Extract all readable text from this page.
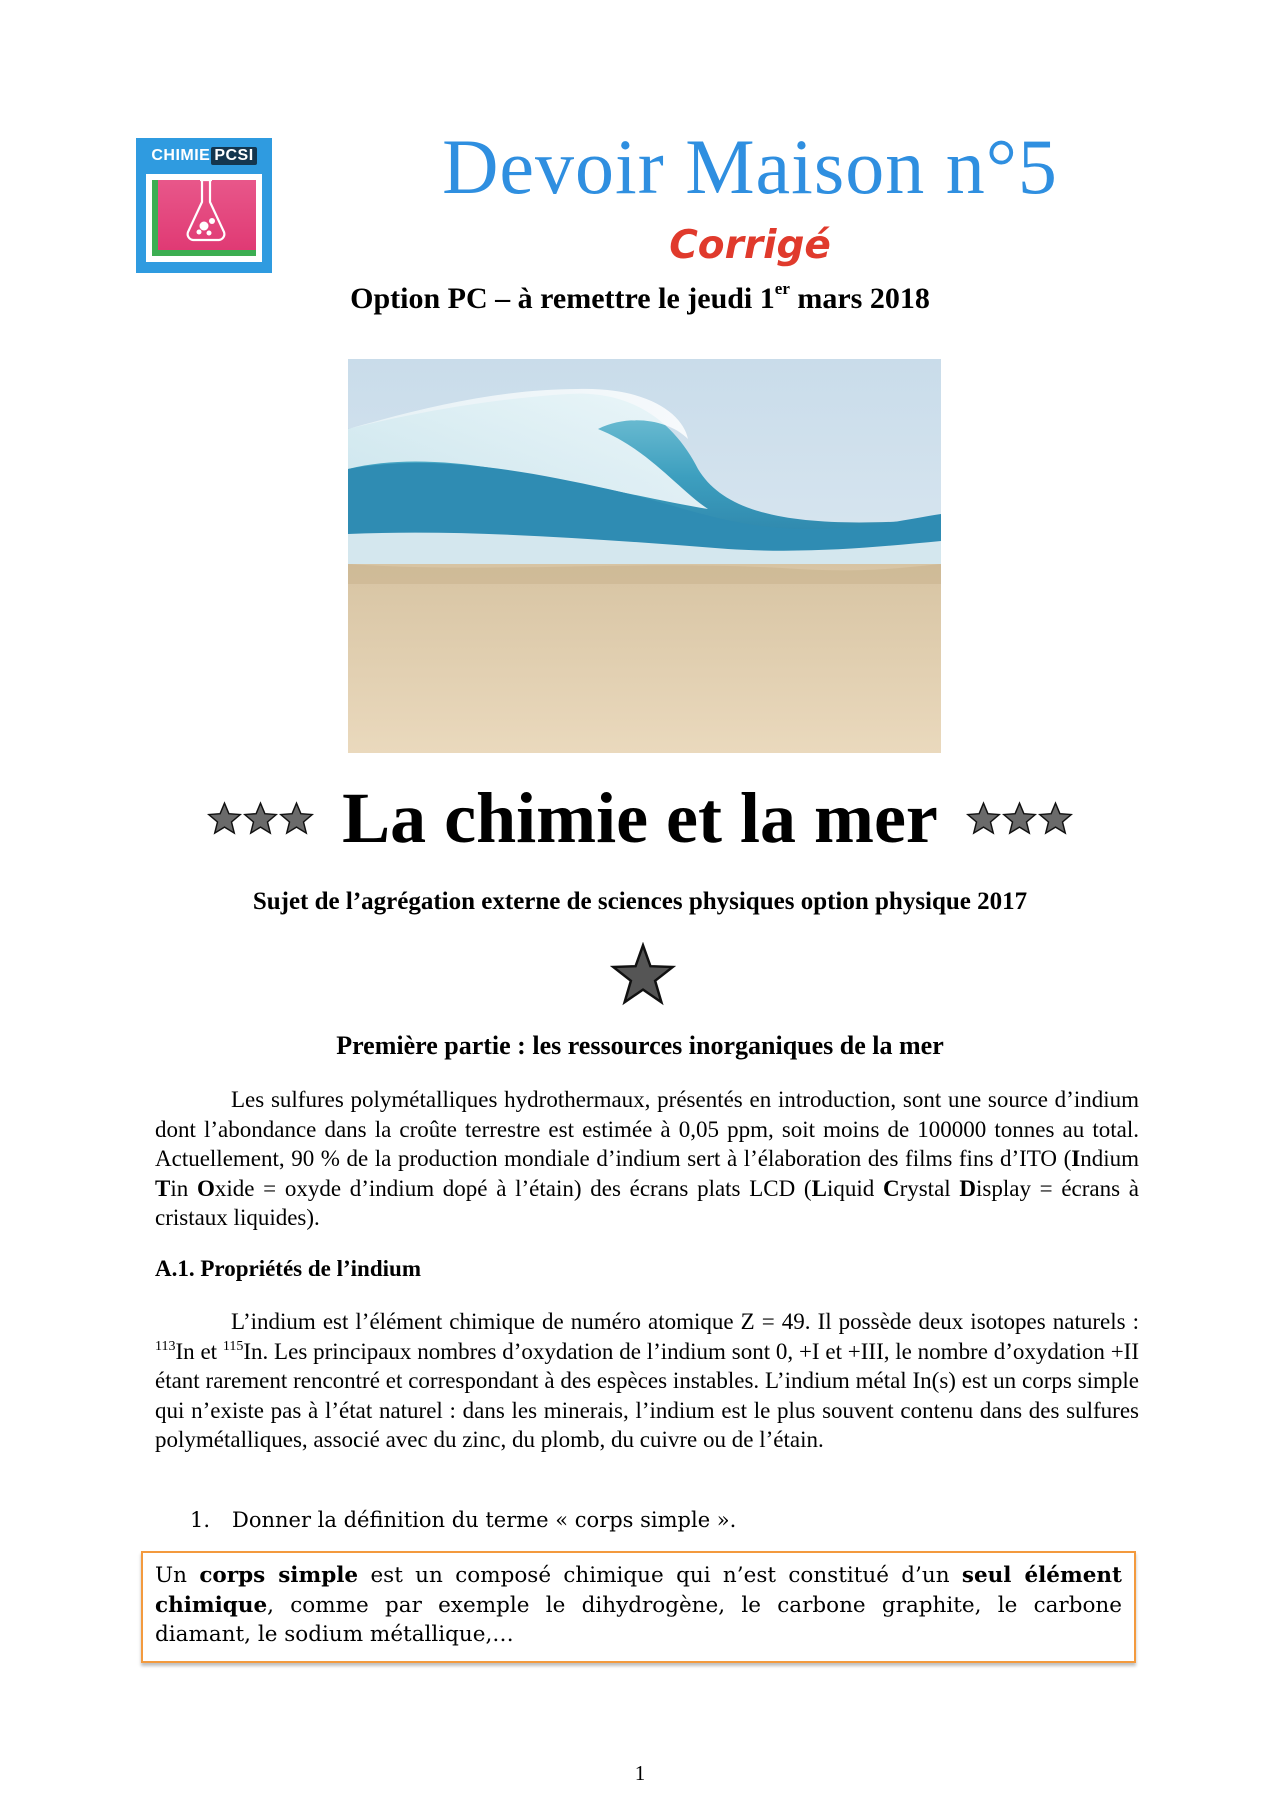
CHIMIE PCSI	Devoir Maison n°5
Corrigé
Option PC – à remettre le jeudi 1er mars 2018
La chimie et la mer
Sujet de l’agrégation externe de sciences physiques option physique 2017
Première partie : les ressources inorganiques de la mer

Les sulfures polymétalliques hydrothermaux, présentés en introduction, sont une source d’indium dont l’abondance dans la croûte terrestre est estimée à 0,05 ppm, soit moins de 100000 tonnes au total. Actuellement, 90 % de la production mondiale d’indium sert à l’élaboration des films fins d’ITO (Indium Tin Oxide = oxyde d’indium dopé à l’étain) des écrans plats LCD (Liquid Crystal Display = écrans à cristaux liquides).

A.1. Propriétés de l’indium

L’indium est l’élément chimique de numéro atomique Z = 49. Il possède deux isotopes naturels : $^{113}$In et $^{115}$In. Les principaux nombres d’oxydation de l’indium sont 0, +I et +III, le nombre d’oxydation +II étant rarement rencontré et correspondant à des espèces instables. L’indium métal In(s) est un corps simple qui n’existe pas à l’état naturel : dans les minerais, l’indium est le plus souvent contenu dans des sulfures polymétalliques, associé avec du zinc, du plomb, du cuivre ou de l’étain.

1. Donner la définition du terme « corps simple ».
Un corps simple est un composé chimique qui n’est constitué d’un seul élément chimique, comme par exemple le dihydrogène, le carbone graphite, le carbone diamant, le sodium métallique,…
1
